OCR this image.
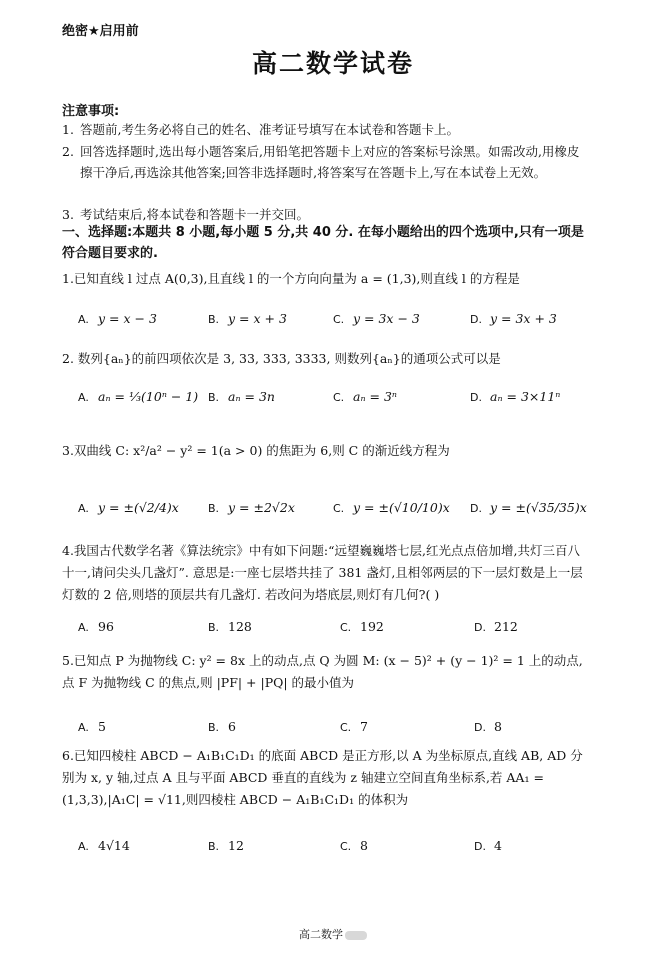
绝密★启用前
高二数学试卷
注意事项:
1. 答题前,考生务必将自己的姓名、准考证号填写在本试卷和答题卡上。
2. 回答选择题时,选出每小题答案后,用铅笔把答题卡上对应的答案标号涂黑。如需改动,用橡皮擦干净后,再选涂其他答案;回答非选择题时,将答案写在答题卡上,写在本试卷上无效。
3. 考试结束后,将本试卷和答题卡一并交回。
一、选择题:本题共 8 小题,每小题 5 分,共 40 分. 在每小题给出的四个选项中,只有一项是符合题目要求的.
1.已知直线 l 过点 A(0,3),且直线 l 的一个方向向量为 a = (1,3),则直线 l 的方程是
A. y = x − 3	B. y = x + 3	C. y = 3x − 3	D. y = 3x + 3
2. 数列{aₙ}的前四项依次是 3, 33, 333, 3333, 则数列{aₙ}的通项公式可以是
A. aₙ = ⅓(10ⁿ − 1) B. aₙ = 3n	C. aₙ = 3ⁿ	D. aₙ = 3×11ⁿ
3.双曲线 C: x²/a² − y² = 1(a > 0) 的焦距为 6,则 C 的渐近线方程为
A. y = ±(√2/4)x	B. y = ±2√2x	C. y = ±(√10/10)x D. y = ±(√35/35)x
4.我国古代数学名著《算法统宗》中有如下问题:“远望巍巍塔七层,红光点点倍加增,共灯三百八十一,请问尖头几盏灯”. 意思是:一座七层塔共挂了 381 盏灯,且相邻两层的下一层灯数是上一层灯数的 2 倍,则塔的顶层共有几盏灯. 若改问为塔底层,则灯有几何?( )
A. 96	B. 128	C. 192	D. 212
5.已知点 P 为抛物线 C: y² = 8x 上的动点,点 Q 为圆 M: (x − 5)² + (y − 1)² = 1 上的动点,点 F 为抛物线 C 的焦点,则 |PF| + |PQ| 的最小值为
A. 5	B. 6	C. 7	D. 8
6.已知四棱柱 ABCD − A₁B₁C₁D₁ 的底面 ABCD 是正方形,以 A 为坐标原点,直线 AB, AD 分别为 x, y 轴,过点 A 且与平面 ABCD 垂直的直线为 z 轴建立空间直角坐标系,若 AA₁ = (1,3,3),|A₁C| = √11,则四棱柱 ABCD − A₁B₁C₁D₁ 的体积为
A. 4√14	B. 12	C. 8	D. 4
高二数学
